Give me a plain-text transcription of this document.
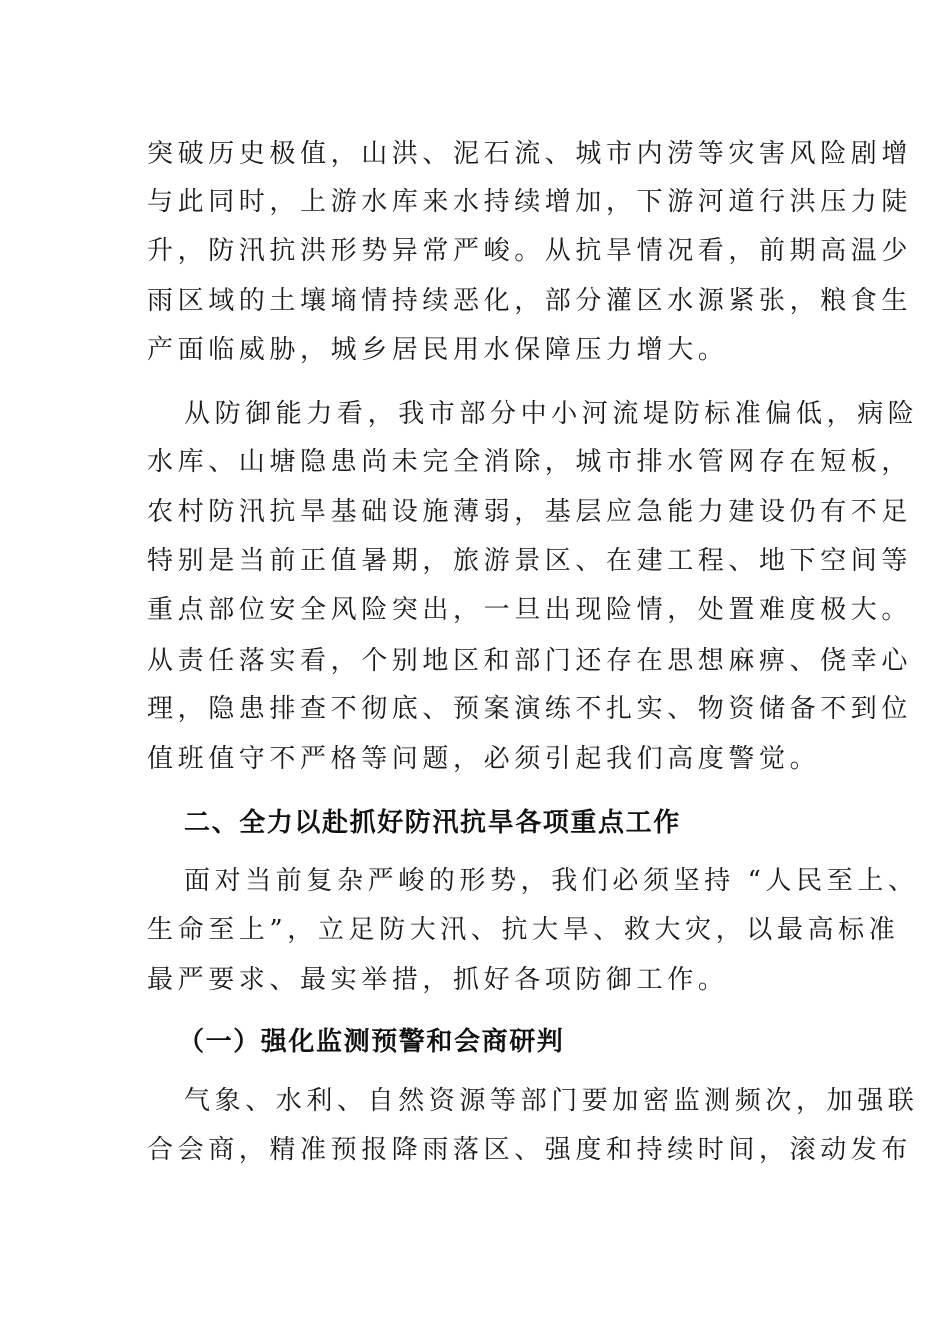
突破历史极值，山洪、泥石流、城市内涝等灾害风险剧增

与此同时，上游水库来水持续增加，下游河道行洪压力陡

升，防汛抗洪形势异常严峻。从抗旱情况看，前期高温少

雨区域的土壤墒情持续恶化，部分灌区水源紧张，粮食生

产面临威胁，城乡居民用水保障压力增大。

从防御能力看，我市部分中小河流堤防标准偏低，病险

水库、山塘隐患尚未完全消除，城市排水管网存在短板，

农村防汛抗旱基础设施薄弱，基层应急能力建设仍有不足

特别是当前正值暑期，旅游景区、在建工程、地下空间等

重点部位安全风险突出，一旦出现险情，处置难度极大。

从责任落实看，个别地区和部门还存在思想麻痹、侥幸心

理，隐患排查不彻底、预案演练不扎实、物资储备不到位

值班值守不严格等问题，必须引起我们高度警觉。

二、全力以赴抓好防汛抗旱各项重点工作

面对当前复杂严峻的形势，我们必须坚持 “人民至上、

生命至上”，立足防大汛、抗大旱、救大灾，以最高标准

最严要求、最实举措，抓好各项防御工作。

（一）强化监测预警和会商研判

气象、水利、自然资源等部门要加密监测频次，加强联

合会商，精准预报降雨落区、强度和持续时间，滚动发布
